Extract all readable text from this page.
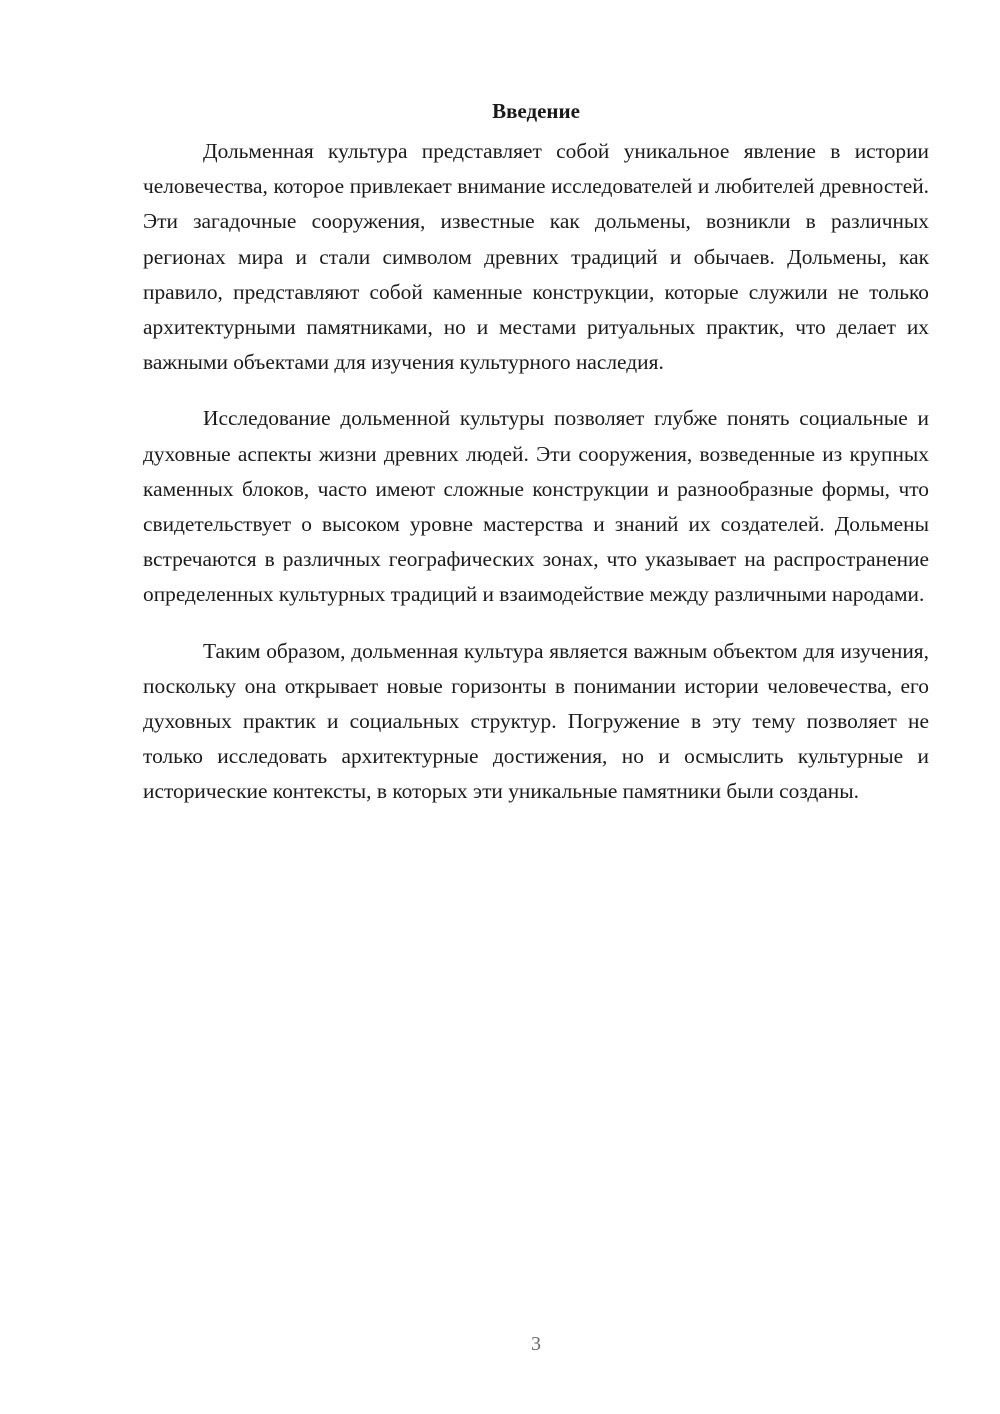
Введение

Дольменная культура представляет собой уникальное явление в истории человечества, которое привлекает внимание исследователей и любителей древностей. Эти загадочные сооружения, известные как дольмены, возникли в различных регионах мира и стали символом древних традиций и обычаев. Дольмены, как правило, представляют собой каменные конструкции, которые служили не только архитектурными памятниками, но и местами ритуальных практик, что делает их важными объектами для изучения культурного наследия.

Исследование дольменной культуры позволяет глубже понять социальные и духовные аспекты жизни древних людей. Эти сооружения, возведенные из крупных каменных блоков, часто имеют сложные конструкции и разнообразные формы, что свидетельствует о высоком уровне мастерства и знаний их создателей. Дольмены встречаются в различных географических зонах, что указывает на распространение определенных культурных традиций и взаимодействие между различными народами.

Таким образом, дольменная культура является важным объектом для изучения, поскольку она открывает новые горизонты в понимании истории человечества, его духовных практик и социальных структур. Погружение в эту тему позволяет не только исследовать архитектурные достижения, но и осмыслить культурные и исторические контексты, в которых эти уникальные памятники были созданы.

3
